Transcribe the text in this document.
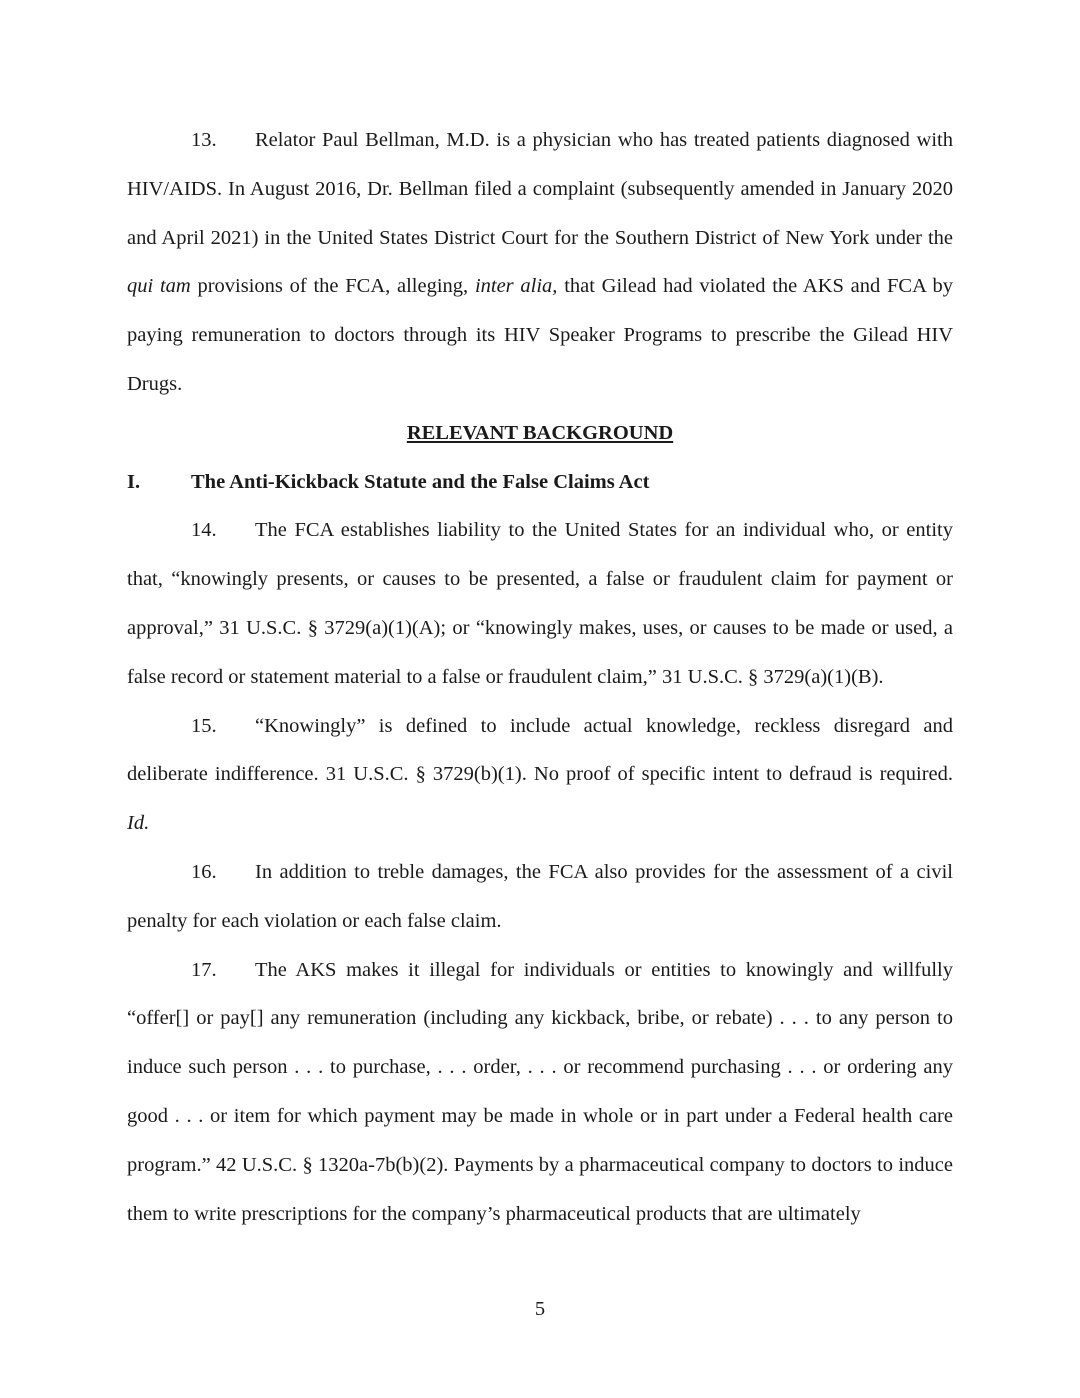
13. Relator Paul Bellman, M.D. is a physician who has treated patients diagnosed with HIV/AIDS. In August 2016, Dr. Bellman filed a complaint (subsequently amended in January 2020 and April 2021) in the United States District Court for the Southern District of New York under the qui tam provisions of the FCA, alleging, inter alia, that Gilead had violated the AKS and FCA by paying remuneration to doctors through its HIV Speaker Programs to prescribe the Gilead HIV Drugs.

RELEVANT BACKGROUND

I.	The Anti-Kickback Statute and the False Claims Act

14. The FCA establishes liability to the United States for an individual who, or entity that, “knowingly presents, or causes to be presented, a false or fraudulent claim for payment or approval,” 31 U.S.C. § 3729(a)(1)(A); or “knowingly makes, uses, or causes to be made or used, a false record or statement material to a false or fraudulent claim,” 31 U.S.C. § 3729(a)(1)(B).

15. “Knowingly” is defined to include actual knowledge, reckless disregard and deliberate indifference. 31 U.S.C. § 3729(b)(1). No proof of specific intent to defraud is required. Id.

16. In addition to treble damages, the FCA also provides for the assessment of a civil penalty for each violation or each false claim.

17. The AKS makes it illegal for individuals or entities to knowingly and willfully “offer[] or pay[] any remuneration (including any kickback, bribe, or rebate) . . . to any person to induce such person . . . to purchase, . . . order, . . . or recommend purchasing . . . or ordering any good . . . or item for which payment may be made in whole or in part under a Federal health care program.” 42 U.S.C. § 1320a-7b(b)(2). Payments by a pharmaceutical company to doctors to induce them to write prescriptions for the company’s pharmaceutical products that are ultimately

5
